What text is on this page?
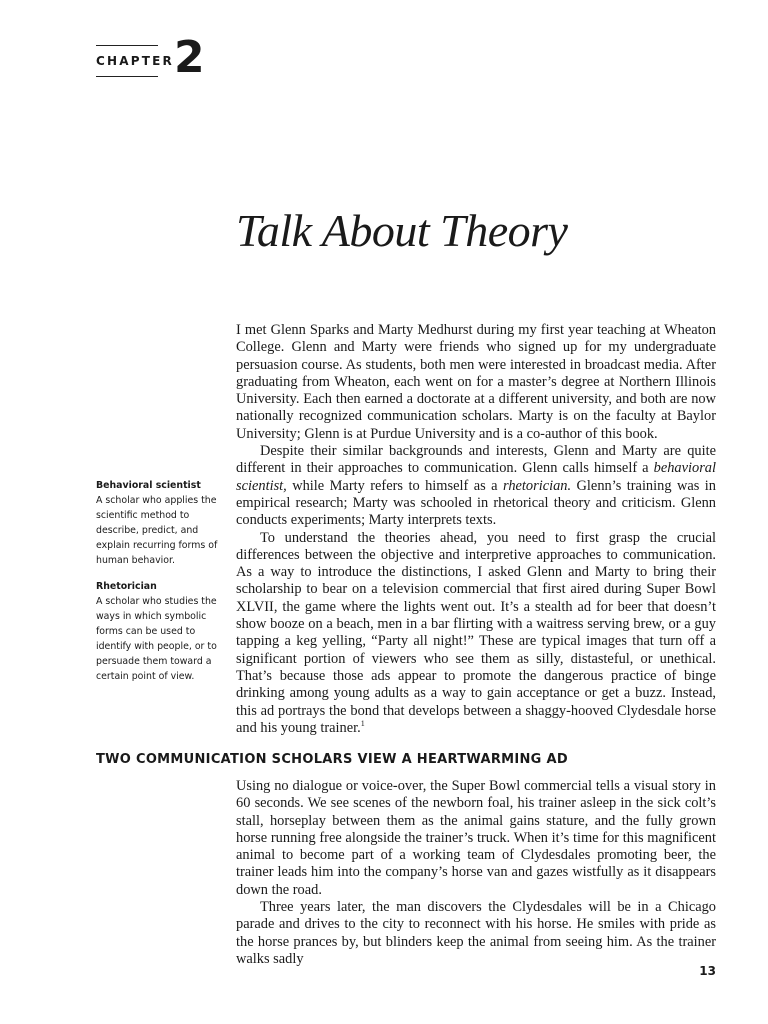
CHAPTER 2
Talk About Theory

I met Glenn Sparks and Marty Medhurst during my first year teaching at Wheaton College. Glenn and Marty were friends who signed up for my undergraduate persuasion course. As students, both men were interested in broadcast media. After graduating from Wheaton, each went on for a master’s degree at Northern Illinois University. Each then earned a doctorate at a different university, and both are now nationally recognized communication scholars. Marty is on the faculty at Baylor University; Glenn is at Purdue University and is a co-author of this book.

Despite their similar backgrounds and interests, Glenn and Marty are quite different in their approaches to communication. Glenn calls himself a behavioral scientist, while Marty refers to himself as a rhetorician. Glenn’s training was in empirical research; Marty was schooled in rhetorical theory and criticism. Glenn conducts experiments; Marty interprets texts.

To understand the theories ahead, you need to first grasp the crucial differences between the objective and interpretive approaches to communication. As a way to introduce the distinctions, I asked Glenn and Marty to bring their scholarship to bear on a television commercial that first aired during Super Bowl XLVII, the game where the lights went out. It’s a stealth ad for beer that doesn’t show booze on a beach, men in a bar flirting with a waitress serving brew, or a guy tapping a keg yelling, “Party all night!” These are typical images that turn off a significant portion of viewers who see them as silly, distasteful, or unethical. That’s because those ads appear to promote the dangerous practice of binge drinking among young adults as a way to gain acceptance or get a buzz. Instead, this ad portrays the bond that develops between a shaggy-hooved Clydesdale horse and his young trainer.$^1$

Behavioral scientist
A scholar who applies the scientific method to describe, predict, and explain recurring forms of human behavior.
Rhetorician
A scholar who studies the ways in which symbolic forms can be used to identify with people, or to persuade them toward a certain point of view.
TWO COMMUNICATION SCHOLARS VIEW A HEARTWARMING AD

Using no dialogue or voice-over, the Super Bowl commercial tells a visual story in 60 seconds. We see scenes of the newborn foal, his trainer asleep in the sick colt’s stall, horseplay between them as the animal gains stature, and the fully grown horse running free alongside the trainer’s truck. When it’s time for this magnificent animal to become part of a working team of Clydesdales promoting beer, the trainer leads him into the company’s horse van and gazes wistfully as it disappears down the road.

Three years later, the man discovers the Clydesdales will be in a Chicago parade and drives to the city to reconnect with his horse. He smiles with pride as the horse prances by, but blinders keep the animal from seeing him. As the trainer walks sadly

13
